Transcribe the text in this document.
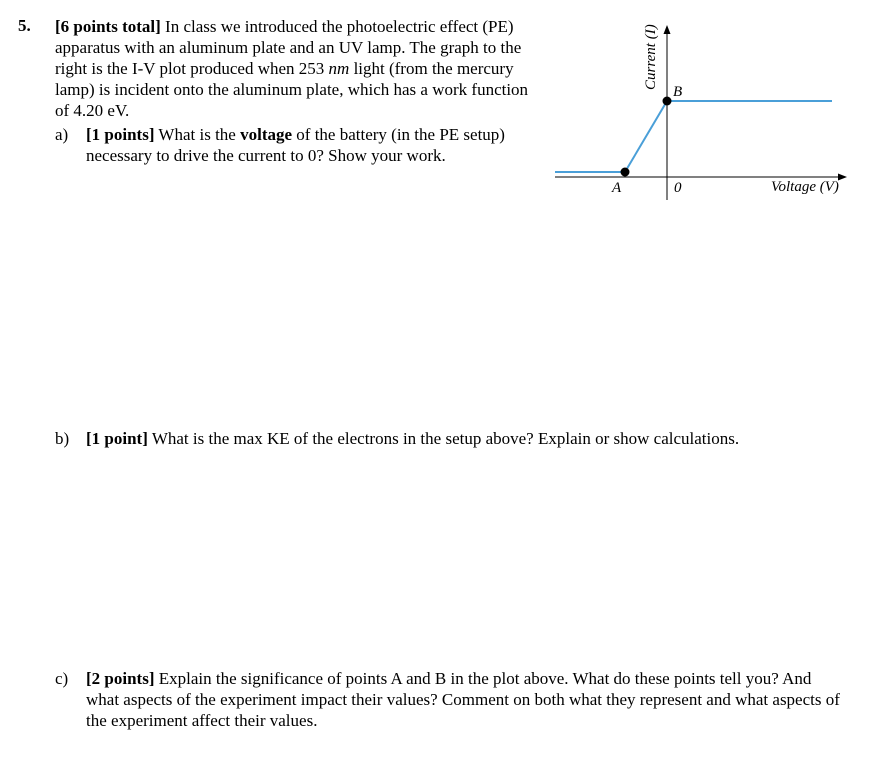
5. [6 points total] In class we introduced the photoelectric effect (PE) apparatus with an aluminum plate and an UV lamp. The graph to the right is the I-V plot produced when 253 nm light (from the mercury lamp) is incident onto the aluminum plate, which has a work function of 4.20 eV.
a) [1 points] What is the voltage of the battery (in the PE setup) necessary to drive the current to 0? Show your work.
B
A	0	Voltage (V)
Current (I)
b) [1 point] What is the max KE of the electrons in the setup above? Explain or show calculations.
c) [2 points] Explain the significance of points A and B in the plot above. What do these points tell you? And what aspects of the experiment impact their values? Comment on both what they represent and what aspects of the experiment affect their values.
